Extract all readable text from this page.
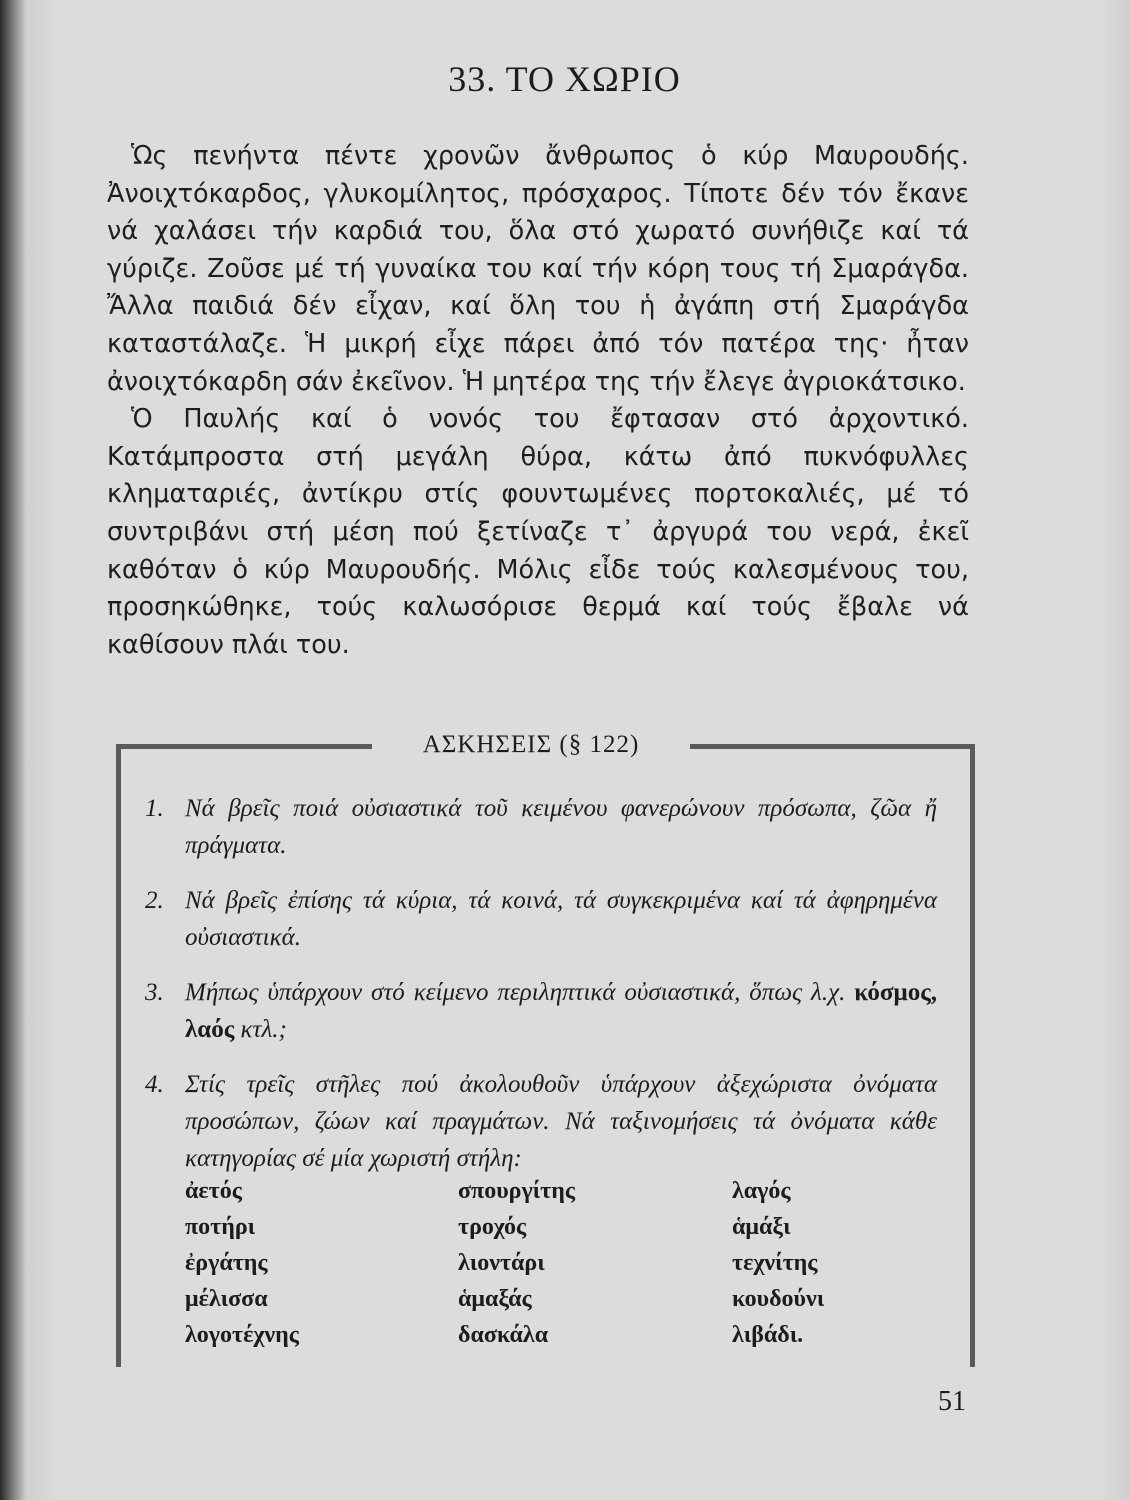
33. ΤΟ ΧΩΡΙΟ

Ὡς πενήντα πέντε χρονῶν ἄνθρωπος ὁ κύρ Μαυρουδής. Ἀνοιχτόκαρδος, γλυκομίλητος, πρόσχαρος. Τίποτε δέν τόν ἔκανε νά χαλάσει τήν καρδιά του, ὅλα στό χωρατό συνήθιζε καί τά γύριζε. Ζοῦσε μέ τή γυναίκα του καί τήν κόρη τους τή Σμαράγδα. Ἄλλα παιδιά δέν εἶχαν, καί ὅλη του ἡ ἀγάπη στή Σμαράγδα καταστάλαζε. Ἡ μικρή εἶχε πάρει ἀπό τόν πατέρα της· ἦταν ἀνοιχτόκαρδη σάν ἐκεῖνον. Ἡ μητέρα της τήν ἔλεγε ἀγριοκάτσικο.

Ὁ Παυλής καί ὁ νονός του ἔφτασαν στό ἀρχοντικό. Κατάμπροστα στή μεγάλη θύρα, κάτω ἀπό πυκνόφυλλες κληματαριές, ἀντίκρυ στίς φουντωμένες πορτοκαλιές, μέ τό συντριβάνι στή μέση πού ξετίναζε τ᾽ ἀργυρά του νερά, ἐκεῖ καθόταν ὁ κύρ Μαυρουδής. Μόλις εἶδε τούς καλεσμένους του, προσηκώθηκε, τούς καλωσόρισε θερμά καί τούς ἔβαλε νά καθίσουν πλάι του.

ΑΣΚΗΣΕΙΣ (§ 122)
1. Νά βρεῖς ποιά οὐσιαστικά τοῦ κειμένου φανερώνουν πρόσωπα, ζῶα ἤ πράγματα.
2. Νά βρεῖς ἐπίσης τά κύρια, τά κοινά, τά συγκεκριμένα καί τά ἀφηρημένα οὐσιαστικά.
3. Μήπως ὑπάρχουν στό κείμενο περιληπτικά οὐσιαστικά, ὅπως λ.χ. κόσμος, λαός κτλ.;
4. Στίς τρεῖς στῆλες πού ἀκολουθοῦν ὑπάρχουν ἀξεχώριστα ὀνόματα προσώπων, ζώων καί πραγμάτων. Νά ταξινομήσεις τά ὀνόματα κάθε κατηγορίας σέ μία χωριστή στήλη:
ἀετός	σπουργίτης	λαγός
ποτήρι	τροχός	ἁμάξι
ἐργάτης	λιοντάρι	τεχνίτης
μέλισσα	ἁμαξάς	κουδούνι
λογοτέχνης	δασκάλα	λιβάδι.
51
